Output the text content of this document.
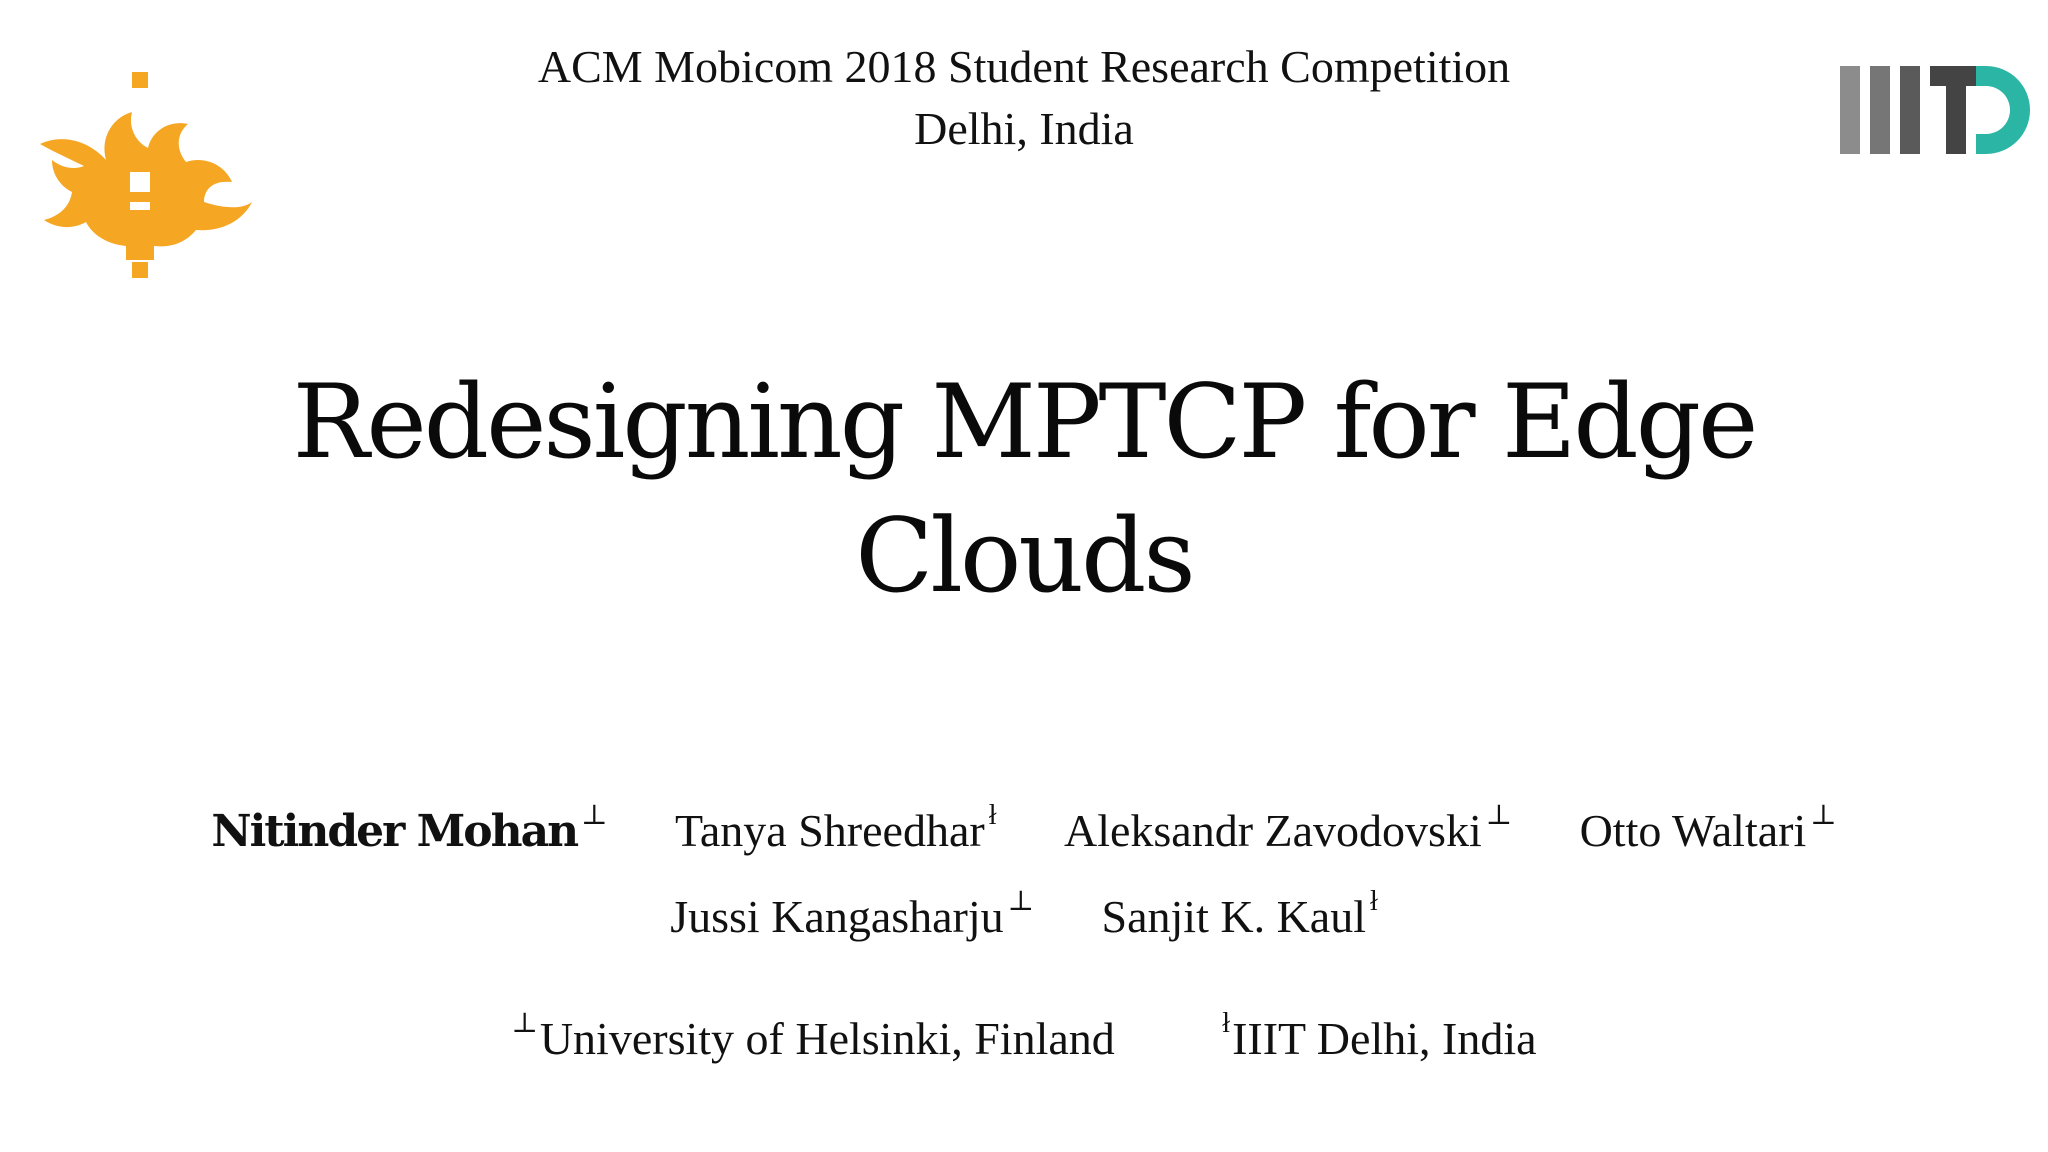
ACM Mobicom 2018 Student Research Competition
Delhi, India
Redesigning MPTCP for Edge Clouds
Nitinder Mohan ⊥ Tanya Shreedhar $^ł$ Aleksandr Zavodovski ⊥ Otto Waltari ⊥
Jussi Kangasharju ⊥ Sanjit K. Kaul $^ł$
⊥University of Helsinki, Finland	$^ł$IIIT Delhi, India
